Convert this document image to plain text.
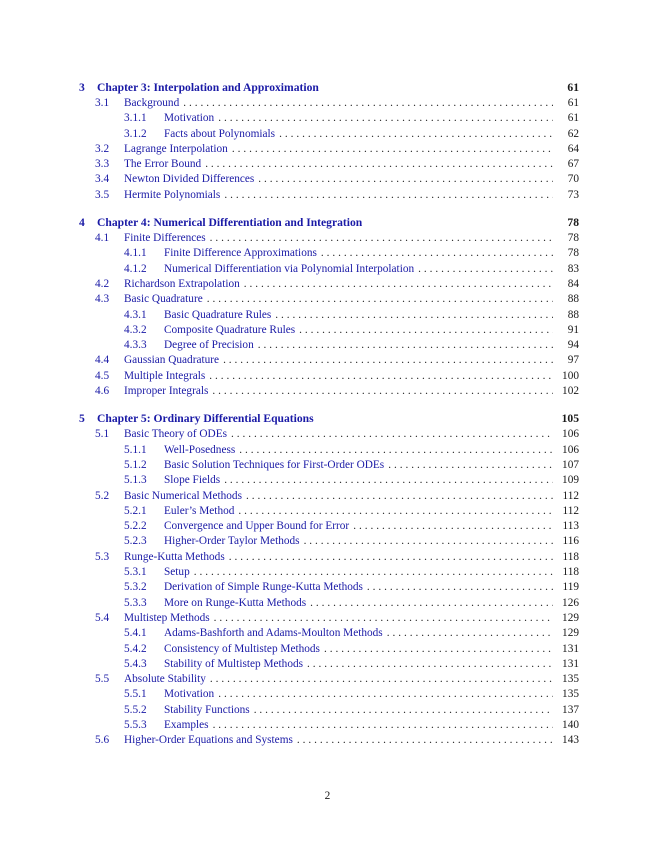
3	Chapter 3: Interpolation and Approximation	61
3.1	Background . . .	61
3.1.1	Motivation . . .	61
3.1.2	Facts about Polynomials . . .	62
3.2	Lagrange Interpolation . . .	64
3.3	The Error Bound . . .	67
3.4	Newton Divided Differences . . .	70
3.5	Hermite Polynomials . . .	73
4	Chapter 4: Numerical Differentiation and Integration	78
4.1	Finite Differences . . .	78
4.1.1	Finite Difference Approximations . . .	78
4.1.2	Numerical Differentiation via Polynomial Interpolation . . .	83
4.2	Richardson Extrapolation . . .	84
4.3	Basic Quadrature . . .	88
4.3.1	Basic Quadrature Rules . . .	88
4.3.2	Composite Quadrature Rules . . .	91
4.3.3	Degree of Precision . . .	94
4.4	Gaussian Quadrature . . .	97
4.5	Multiple Integrals . . .	100
4.6	Improper Integrals . . .	102
5	Chapter 5: Ordinary Differential Equations	105
5.1	Basic Theory of ODEs . . .	106
5.1.1	Well-Posedness . . .	106
5.1.2	Basic Solution Techniques for First-Order ODEs . . .	107
5.1.3	Slope Fields . . .	109
5.2	Basic Numerical Methods . . .	112
5.2.1	Euler’s Method . . .	112
5.2.2	Convergence and Upper Bound for Error . . .	113
5.2.3	Higher-Order Taylor Methods . . .	116
5.3	Runge-Kutta Methods . . .	118
5.3.1	Setup . . .	118
5.3.2	Derivation of Simple Runge-Kutta Methods . . .	119
5.3.3	More on Runge-Kutta Methods . . .	126
5.4	Multistep Methods . . .	129
5.4.1	Adams-Bashforth and Adams-Moulton Methods . . .	129
5.4.2	Consistency of Multistep Methods . . .	131
5.4.3	Stability of Multistep Methods . . .	131
5.5	Absolute Stability . . .	135
5.5.1	Motivation . . .	135
5.5.2	Stability Functions . . .	137
5.5.3	Examples . . .	140
5.6	Higher-Order Equations and Systems . . .	143
2
